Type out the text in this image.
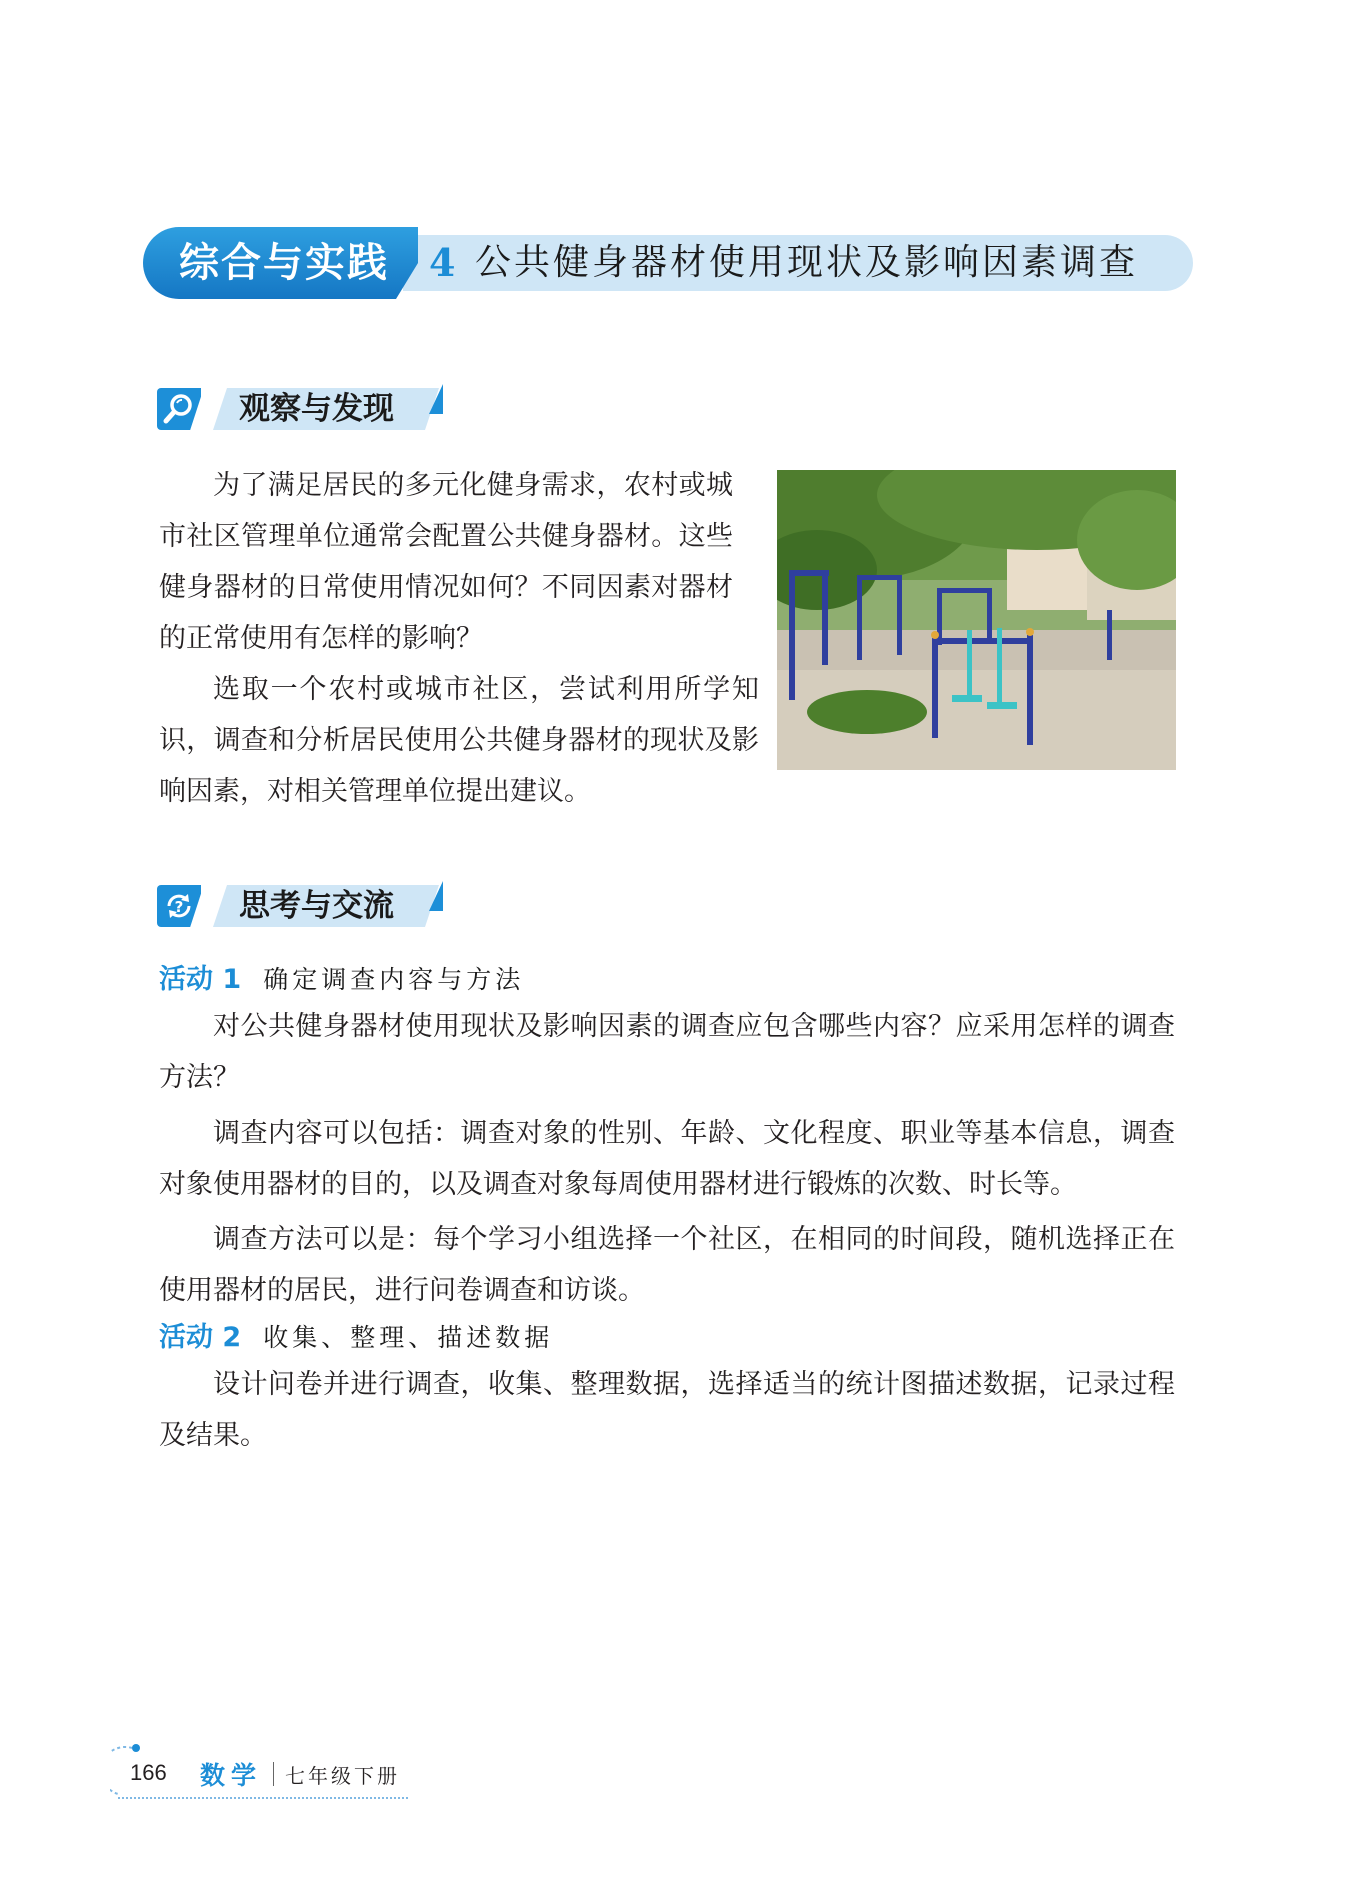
综合与实践 4 公共健身器材使用现状及影响因素调查
观察与发现

为了满足居民的多元化健身需求，农村或城市社区管理单位通常会配置公共健身器材。这些健身器材的日常使用情况如何？不同因素对器材的正常使用有怎样的影响？

选取一个农村或城市社区，尝试利用所学知识，调查和分析居民使用公共健身器材的现状及影响因素，对相关管理单位提出建议。

? 思考与交流
活动 1 确定调查内容与方法

对公共健身器材使用现状及影响因素的调查应包含哪些内容？应采用怎样的调查方法？

调查内容可以包括：调查对象的性别、年龄、文化程度、职业等基本信息，调查对象使用器材的目的，以及调查对象每周使用器材进行锻炼的次数、时长等。

调查方法可以是：每个学习小组选择一个社区，在相同的时间段，随机选择正在使用器材的居民，进行问卷调查和访谈。

活动 2 收集、整理、描述数据

设计问卷并进行调查，收集、整理数据，选择适当的统计图描述数据，记录过程及结果。

166 数学 七年级下册
